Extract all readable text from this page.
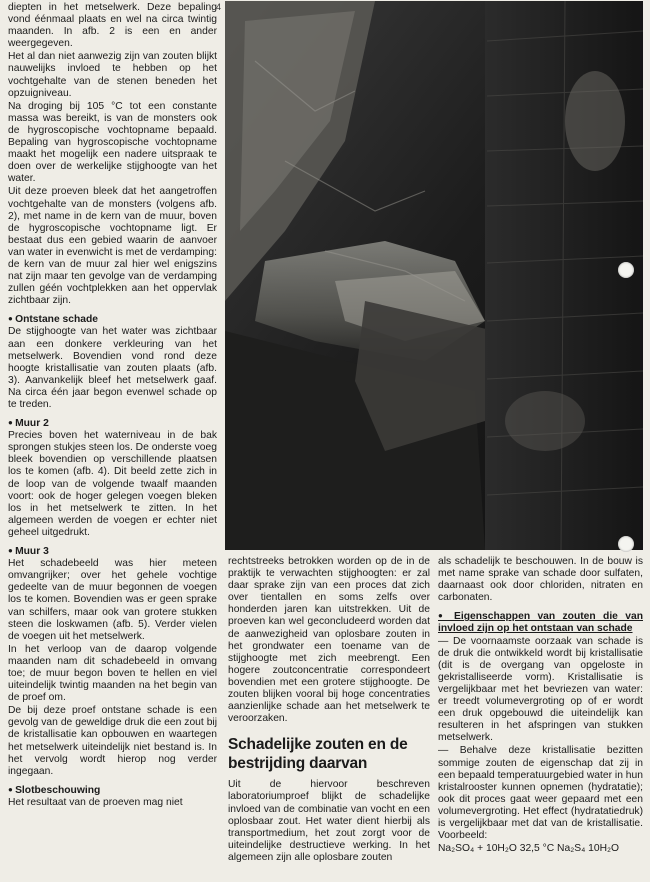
4

diepten in het metselwerk. Deze bepaling vond éénmaal plaats en wel na circa twintig maanden. In afb. 2 is een en ander weergegeven.

Het al dan niet aanwezig zijn van zouten blijkt nauwelijks invloed te hebben op het vochtgehalte van de stenen beneden het opzuigniveau.

Na droging bij 105 °C tot een constante massa was bereikt, is van de monsters ook de hygroscopische vochtopname bepaald. Bepaling van hygroscopische vochtopname maakt het mogelijk een nadere uitspraak te doen over de werkelijke stijghoogte van het water.

Uit deze proeven bleek dat het aangetroffen vochtgehalte van de monsters (volgens afb. 2), met name in de kern van de muur, boven de hygroscopische vochtopname ligt. Er bestaat dus een gebied waarin de aanvoer van water in evenwicht is met de verdamping: de kern van de muur zal hier wel enigszins nat zijn maar ten gevolge van de verdamping zullen géén vochtplekken aan het oppervlak zichtbaar zijn.

● Ontstane schade

De stijghoogte van het water was zichtbaar aan een donkere verkleuring van het metselwerk. Bovendien vond rond deze hoogte kristallisatie van zouten plaats (afb. 3). Aanvankelijk bleef het metselwerk gaaf. Na circa één jaar begon evenwel schade op te treden.

● Muur 2

Precies boven het waterniveau in de bak sprongen stukjes steen los. De onderste voeg bleek bovendien op verschillende plaatsen los te komen (afb. 4). Dit beeld zette zich in de loop van de volgende twaalf maanden voort: ook de hoger gelegen voegen bleken los in het metselwerk te zitten. In het algemeen werden de voegen er echter niet geheel uitgedrukt.

● Muur 3

Het schadebeeld was hier meteen omvangrijker; over het gehele vochtige gedeelte van de muur begonnen de voegen los te komen. Bovendien was er geen sprake van schilfers, maar ook van grotere stukken steen die loskwamen (afb. 5). Verder vielen de voegen uit het metselwerk.

In het verloop van de daarop volgende maanden nam dit schadebeeld in omvang toe; de muur begon boven te hellen en viel uiteindelijk twintig maanden na het begin van de proef om.

De bij deze proef ontstane schade is een gevolg van de geweldige druk die een zout bij de kristallisatie kan opbouwen en waartegen het metselwerk uiteindelijk niet bestand is. In het vervolg wordt hierop nog verder ingegaan.

● Slotbeschouwing

Het resultaat van de proeven mag niet

rechtstreeks betrokken worden op de in de praktijk te verwachten stijghoogten: er zal daar sprake zijn van een proces dat zich over tientallen en soms zelfs over honderden jaren kan uitstrekken. Uit de proeven kan wel geconcludeerd worden dat de aanwezigheid van oplosbare zouten in het grondwater een toename van de stijghoogte met zich meebrengt. Een hogere zoutconcentratie correspondeert bovendien met een grotere stijghoogte. De zouten blijken vooral bij hoge concentraties aanzienlijke schade aan het metselwerk te veroorzaken.

Schadelijke zouten en de bestrijding daarvan

Uit de hiervoor beschreven laboratoriumproef blijkt de schadelijke invloed van de combinatie van vocht en een oplosbaar zout. Het water dient hierbij als transportmedium, het zout zorgt voor de uiteindelijke destructieve werking. In het algemeen zijn alle oplosbare zouten

als schadelijk te beschouwen. In de bouw is met name sprake van schade door sulfaten, daarnaast ook door chloriden, nitraten en carbonaten.

● Eigenschappen van zouten die van invloed zijn op het ontstaan van schade

— De voornaamste oorzaak van schade is de druk die ontwikkeld wordt bij kristallisatie (dit is de overgang van opgeloste in gekristalliseerde vorm). Kristallisatie is vergelijkbaar met het bevriezen van water: er treedt volumevergroting op of er wordt een druk opgebouwd die uiteindelijk kan resulteren in het afspringen van stukken metselwerk.

— Behalve deze kristallisatie bezitten sommige zouten de eigenschap dat zij in een bepaald temperatuurgebied water in hun kristalrooster kunnen opnemen (hydratatie); ook dit proces gaat weer gepaard met een volumevergroting. Het effect (hydratatiedruk) is vergelijkbaar met dat van de kristallisatie. Voorbeeld:

Na₂SO₄ + 10H₂O 32,5 °C Na₂S₄ 10H₂O
